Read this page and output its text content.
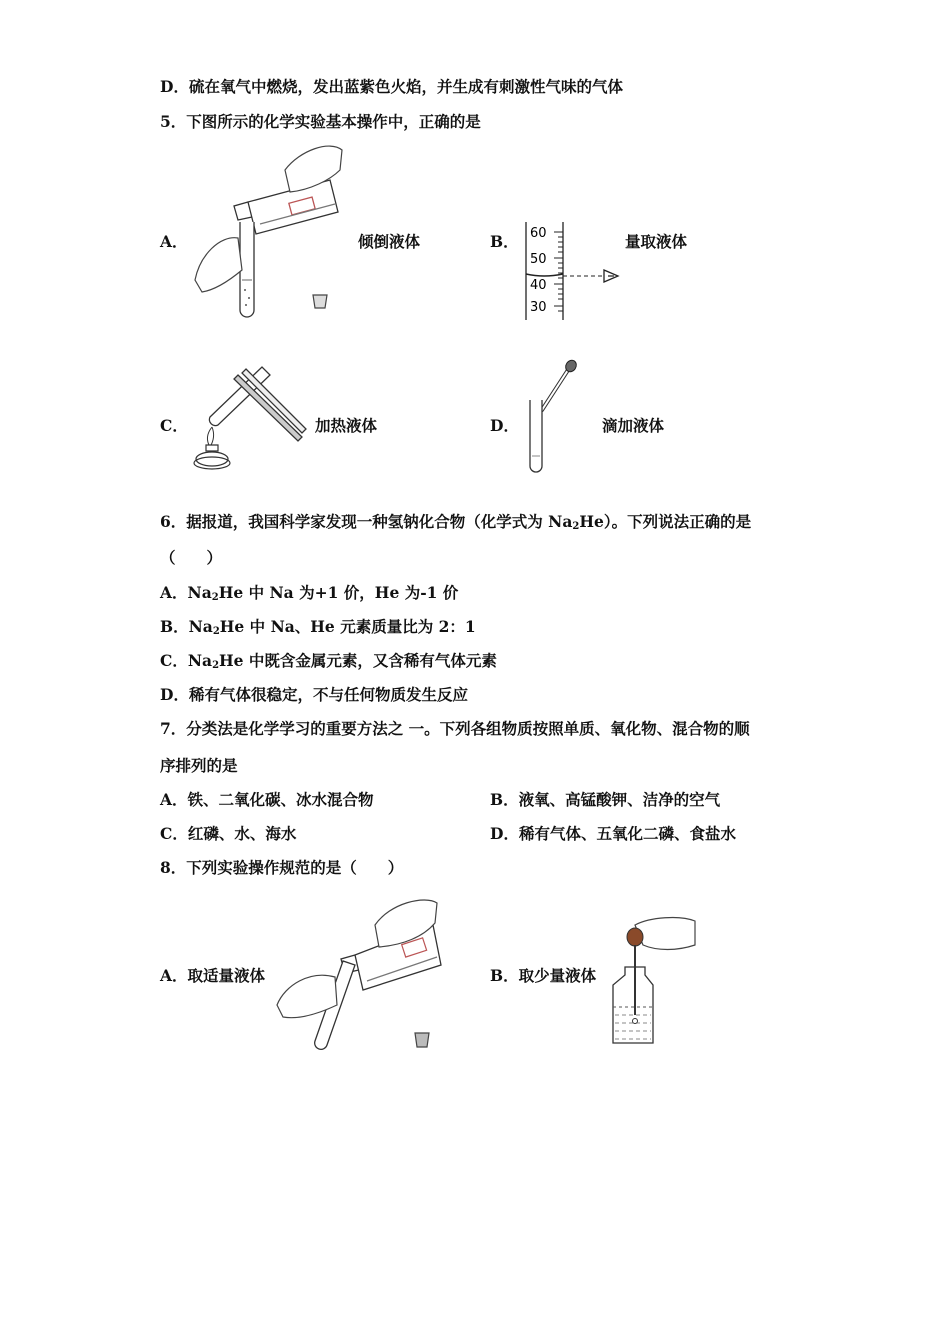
D．硫在氧气中燃烧，发出蓝紫色火焰，并生成有刺激性气味的气体
5．下图所示的化学实验基本操作中，正确的是
A．	倾倒液体	B． 60
50
40
30
量取液体
C．	加热液体	D．	滴加液体
6．据报道，我国科学家发现一种氢钠化合物（化学式为 $Na_2He$）。下列说法正确的是
（　　）
A．$Na_2He$ 中 Na 为+1 价，He 为-1 价
B．$Na_2He$ 中 Na、He 元素质量比为 2：1
C．$Na_2He$ 中既含金属元素，又含稀有气体元素
D．稀有气体很稳定，不与任何物质发生反应
7．分类法是化学学习的重要方法之 一。下列各组物质按照单质、氧化物、混合物的顺
序排列的是
A．铁、二氧化碳、冰水混合物	B．液氧、高锰酸钾、洁净的空气
C．红磷、水、海水	D．稀有气体、五氧化二磷、食盐水
8．下列实验操作规范的是（　　）
A．取适量液体	B．取少量液体
